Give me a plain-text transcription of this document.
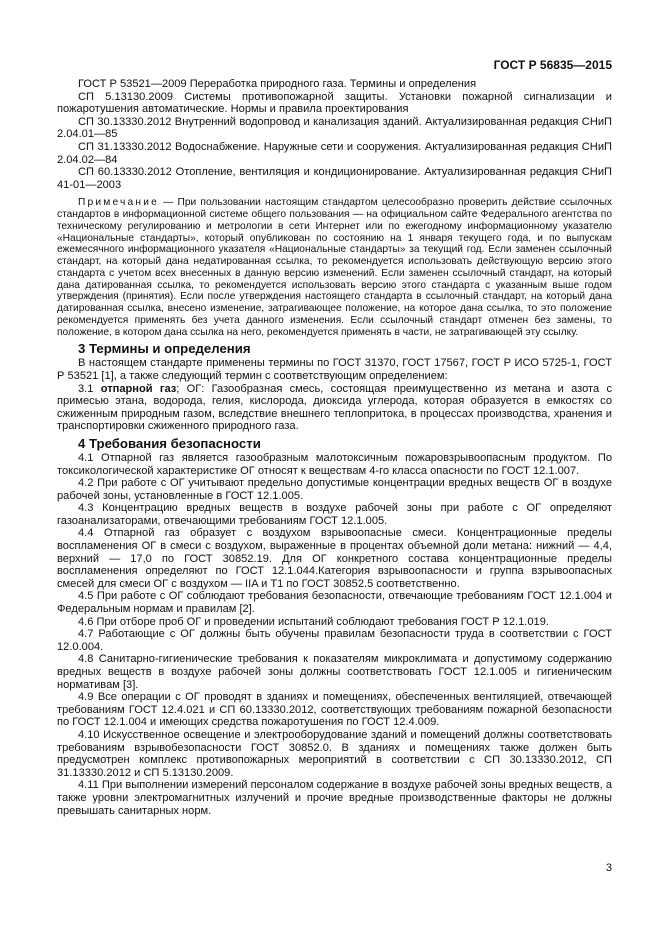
ГОСТ Р 56835—2015

ГОСТ Р 53521—2009 Переработка природного газа. Термины и определения

СП 5.13130.2009 Системы противопожарной защиты. Установки пожарной сигнализации и пожаротушения автоматические. Нормы и правила проектирования

СП 30.13330.2012 Внутренний водопровод и канализация зданий. Актуализированная редакция СНиП 2.04.01—85

СП 31.13330.2012 Водоснабжение. Наружные сети и сооружения. Актуализированная редакция СНиП 2.04.02—84

СП 60.13330.2012 Отопление, вентиляция и кондиционирование. Актуализированная редакция СНиП 41-01—2003

Примечание — При пользовании настоящим стандартом целесообразно проверить действие ссылочных стандартов в информационной системе общего пользования — на официальном сайте Федерального агентства по техническому регулированию и метрологии в сети Интернет или по ежегодному информационному указателю «Национальные стандарты», который опубликован по состоянию на 1 января текущего года, и по выпускам ежемесячного информационного указателя «Национальные стандарты» за текущий год. Если заменен ссылочный стандарт, на который дана недатированная ссылка, то рекомендуется использовать действующую версию этого стандарта с учетом всех внесенных в данную версию изменений. Если заменен ссылочный стандарт, на который дана датированная ссылка, то рекомендуется использовать версию этого стандарта с указанным выше годом утверждения (принятия). Если после утверждения настоящего стандарта в ссылочный стандарт, на который дана датированная ссылка, внесено изменение, затрагивающее положение, на которое дана ссылка, то это положение рекомендуется применять без учета данного изменения. Если ссылочный стандарт отменен без замены, то положение, в котором дана ссылка на него, рекомендуется применять в части, не затрагивающей эту ссылку.

3 Термины и определения

В настоящем стандарте применены термины по ГОСТ 31370, ГОСТ 17567, ГОСТ Р ИСО 5725-1, ГОСТ Р 53521 [1], а также следующий термин с соответствующим определением:

3.1 отпарной газ; ОГ: Газообразная смесь, состоящая преимущественно из метана и азота с примесью этана, водорода, гелия, кислорода, диоксида углерода, которая образуется в емкостях со сжиженным природным газом, вследствие внешнего теплопритока, в процессах производства, хранения и транспортировки сжиженного природного газа.

4 Требования безопасности

4.1 Отпарной газ является газообразным малотоксичным пожаровзрывоопасным продуктом. По токсикологической характеристике ОГ относят к веществам 4-го класса опасности по ГОСТ 12.1.007.

4.2 При работе с ОГ учитывают предельно допустимые концентрации вредных веществ ОГ в воздухе рабочей зоны, установленные в ГОСТ 12.1.005.

4.3 Концентрацию вредных веществ в воздухе рабочей зоны при работе с ОГ определяют газоанализаторами, отвечающими требованиям ГОСТ 12.1.005.

4.4 Отпарной газ образует с воздухом взрывоопасные смеси. Концентрационные пределы воспламенения ОГ в смеси с воздухом, выраженные в процентах объемной доли метана: нижний — 4,4, верхний — 17,0 по ГОСТ 30852.19. Для ОГ конкретного состава концентрационные пределы воспламенения определяют по ГОСТ 12.1.044.Категория взрывоопасности и группа взрывоопасных смесей для смеси ОГ с воздухом — IIA и Т1 по ГОСТ 30852.5 соответственно.

4.5 При работе с ОГ соблюдают требования безопасности, отвечающие требованиям ГОСТ 12.1.004 и Федеральным нормам и правилам [2].

4.6 При отборе проб ОГ и проведении испытаний соблюдают требования ГОСТ Р 12.1.019.

4.7 Работающие с ОГ должны быть обучены правилам безопасности труда в соответствии с ГОСТ 12.0.004.

4.8 Санитарно-гигиенические требования к показателям микроклимата и допустимому содержанию вредных веществ в воздухе рабочей зоны должны соответствовать ГОСТ 12.1.005 и гигиеническим нормативам [3].

4.9 Все операции с ОГ проводят в зданиях и помещениях, обеспеченных вентиляцией, отвечающей требованиям ГОСТ 12.4.021 и СП 60.13330.2012, соответствующих требованиям пожарной безопасности по ГОСТ 12.1.004 и имеющих средства пожаротушения по ГОСТ 12.4.009.

4.10 Искусственное освещение и электрооборудование зданий и помещений должны соответствовать требованиям взрывобезопасности ГОСТ 30852.0. В зданиях и помещениях также должен быть предусмотрен комплекс противопожарных мероприятий в соответствии с СП 30.13330.2012, СП 31.13330.2012 и СП 5.13130.2009.

4.11 При выполнении измерений персоналом содержание в воздухе рабочей зоны вредных веществ, а также уровни электромагнитных излучений и прочие вредные производственные факторы не должны превышать санитарных норм.

3
